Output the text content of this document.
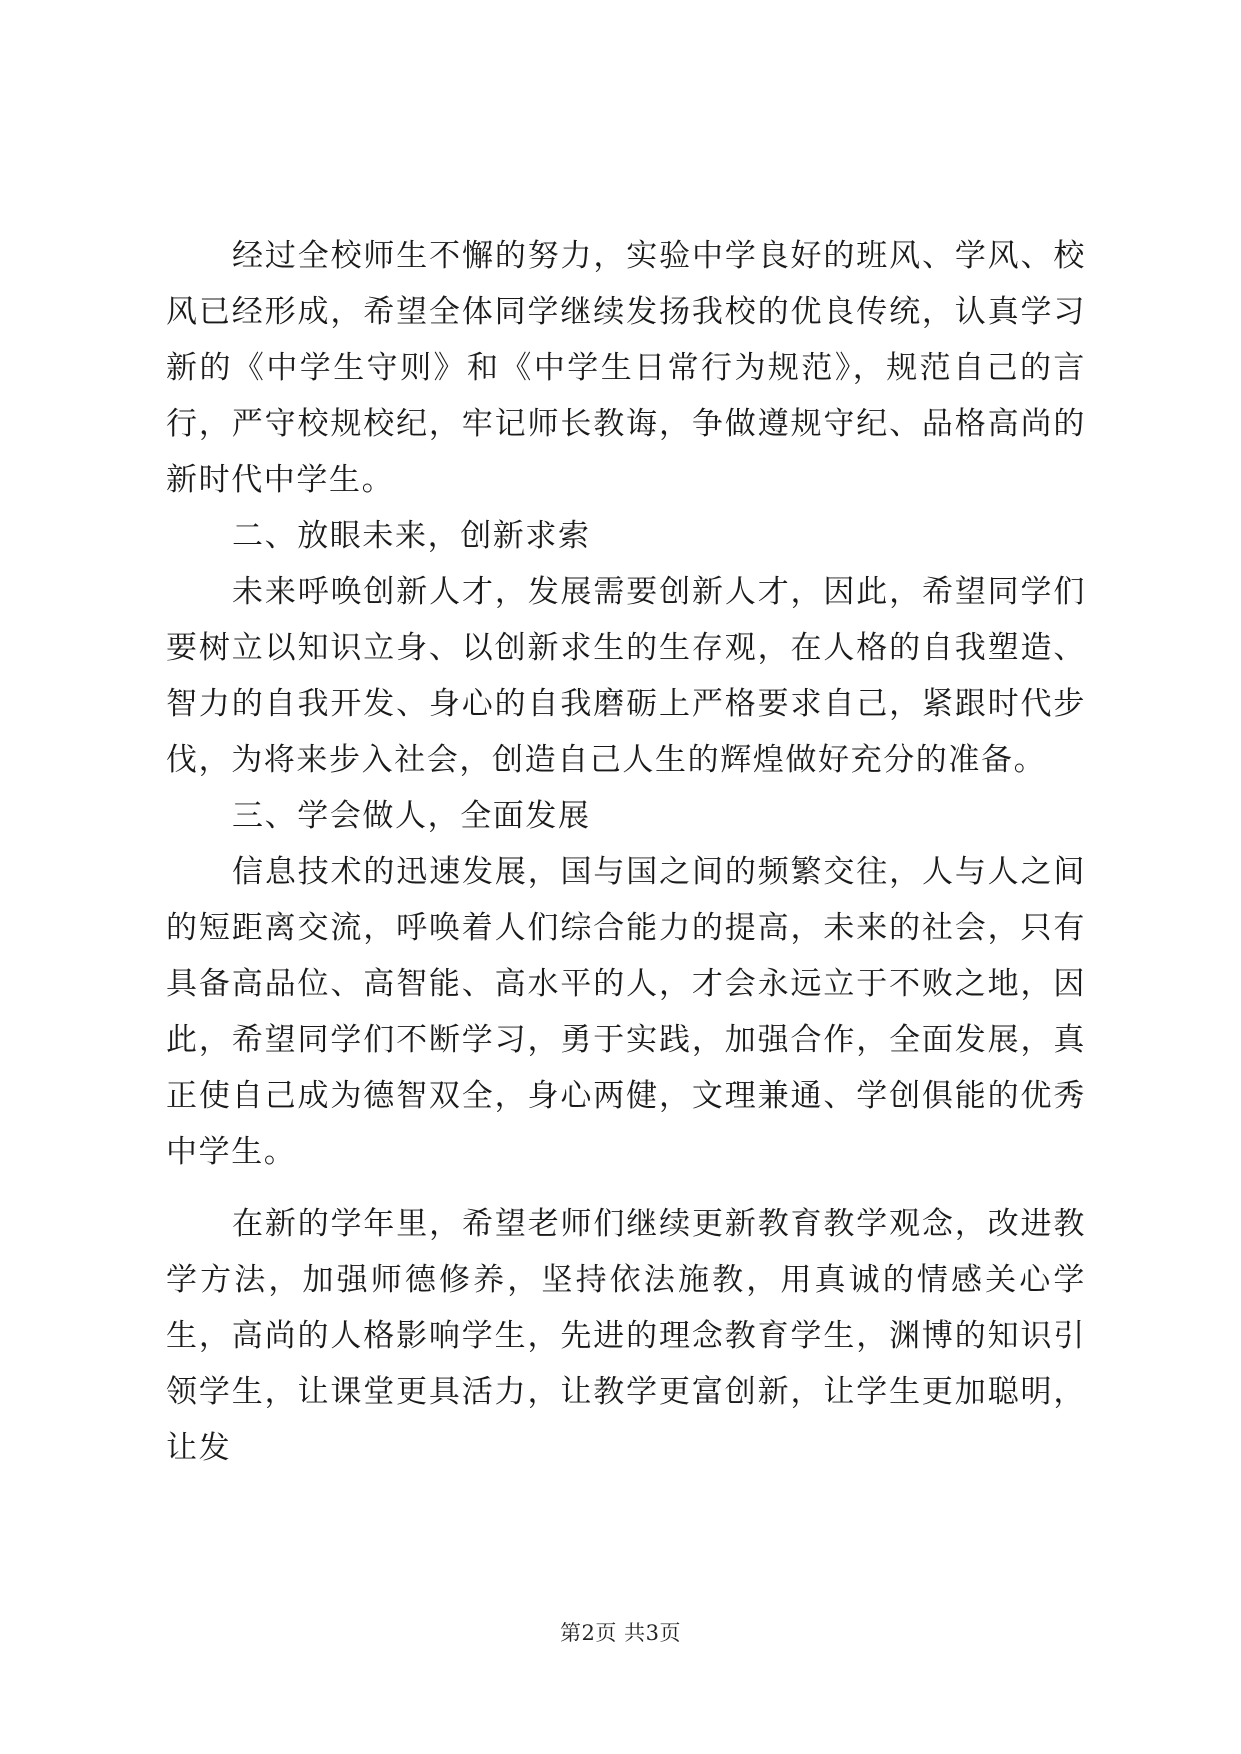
经过全校师生不懈的努力，实验中学良好的班风、学风、校风已经形成，希望全体同学继续发扬我校的优良传统，认真学习新的《中学生守则》和《中学生日常行为规范》，规范自己的言行，严守校规校纪，牢记师长教诲，争做遵规守纪、品格高尚的新时代中学生。

二、放眼未来，创新求索

未来呼唤创新人才，发展需要创新人才，因此，希望同学们要树立以知识立身、以创新求生的生存观，在人格的自我塑造、智力的自我开发、身心的自我磨砺上严格要求自己，紧跟时代步伐，为将来步入社会，创造自己人生的辉煌做好充分的准备。

三、学会做人，全面发展

信息技术的迅速发展，国与国之间的频繁交往，人与人之间的短距离交流，呼唤着人们综合能力的提高，未来的社会，只有具备高品位、高智能、高水平的人，才会永远立于不败之地，因此，希望同学们不断学习，勇于实践，加强合作，全面发展，真正使自己成为德智双全，身心两健，文理兼通、学创俱能的优秀中学生。

在新的学年里，希望老师们继续更新教育教学观念，改进教学方法，加强师德修养，坚持依法施教，用真诚的情感关心学生，高尚的人格影响学生，先进的理念教育学生，渊博的知识引领学生，让课堂更具活力，让教学更富创新，让学生更加聪明，让发

第2页 共3页
